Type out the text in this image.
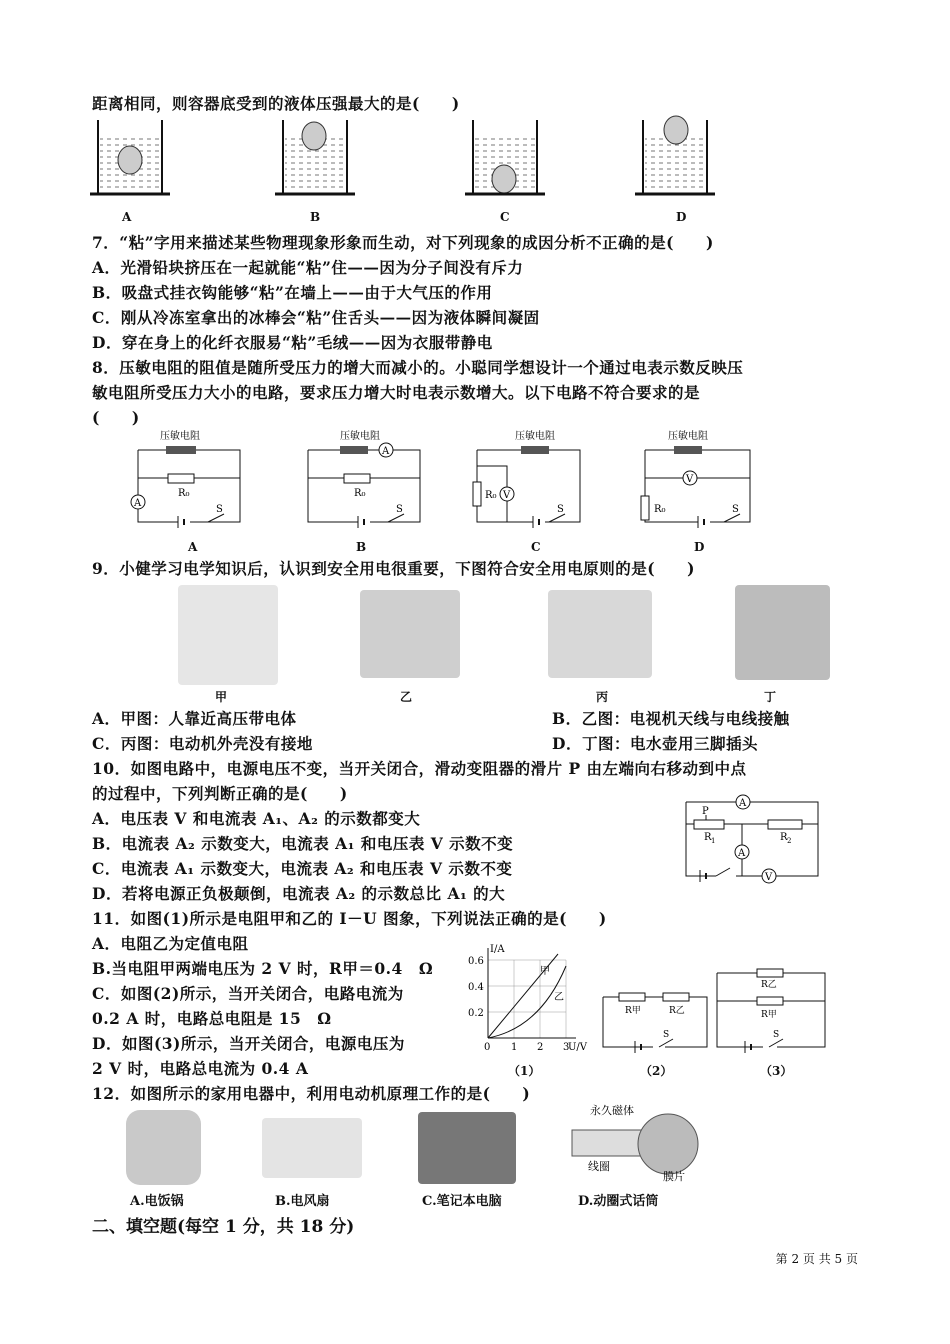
距离相同，则容器底受到的液体压强最大的是(　　)
A	B	C	D
7．“粘”字用来描述某些物理现象形象而生动，对下列现象的成因分析不正确的是(　　)
A．光滑铅块挤压在一起就能“粘”住——因为分子间没有斥力
B．吸盘式挂衣钩能够“粘”在墙上——由于大气压的作用
C．刚从冷冻室拿出的冰棒会“粘”住舌头——因为液体瞬间凝固
D．穿在身上的化纤衣服易“粘”毛绒——因为衣服带静电
8．压敏电阻的阻值是随所受压力的增大而减小的。小聪同学想设计一个通过电表示数反映压
敏电阻所受压力大小的电路，要求压力增大时电表示数增大。以下电路不符合要求的是
(　　)
压敏电阻
R₀
A
S
压敏电阻
A
R₀
S
压敏电阻
R₀ V
S
压敏电阻
V
R₀	S
A	B	C	D
9．小健学习电学知识后，认识到安全用电很重要，下图符合安全用电原则的是(　　)
甲	乙	丙	丁
A．甲图：人靠近高压带电体	B．乙图：电视机天线与电线接触
C．丙图：电动机外壳没有接地	D．丁图：电水壶用三脚插头
10．如图电路中，电源电压不变，当开关闭合，滑动变阻器的滑片 P 由左端向右移动到中点
的过程中，下列判断正确的是(　　)
A．电压表 V 和电流表 A₁、A₂ 的示数都变大
B．电流表 A₂ 示数变大，电流表 A₁ 和电压表 V 示数不变
C．电流表 A₁ 示数变大，电流表 A₂ 和电压表 V 示数不变
D．若将电源正负极颠倒，电流表 A₂ 的示数总比 A₁ 的大
A
R 1
P
R 2
A
V
11．如图(1)所示是电阻甲和乙的 I－U 图象，下列说法正确的是(　　)
A．电阻乙为定值电阻
B.当电阻甲两端电压为 2 V 时，R甲＝0.4　Ω
C．如图(2)所示，当开关闭合，电路电流为
0.2 A 时，电路总电阻是 15　Ω
D．如图(3)所示，当开关闭合，电源电压为
2 V 时，电路总电流为 0.4 A
I/A
U/V
0.6
0.4
0.2
0 1 2 3
甲
乙
R甲	R乙
S
R乙
R甲
S
（1）	（2）	（3）
12．如图所示的家用电器中，利用电动机原理工作的是(　　)
永久磁体
线圈
膜片
A.电饭锅	B.电风扇	C.笔记本电脑	D.动圈式话筒
二、填空题(每空 1 分，共 18 分)
第 2 页 共 5 页
